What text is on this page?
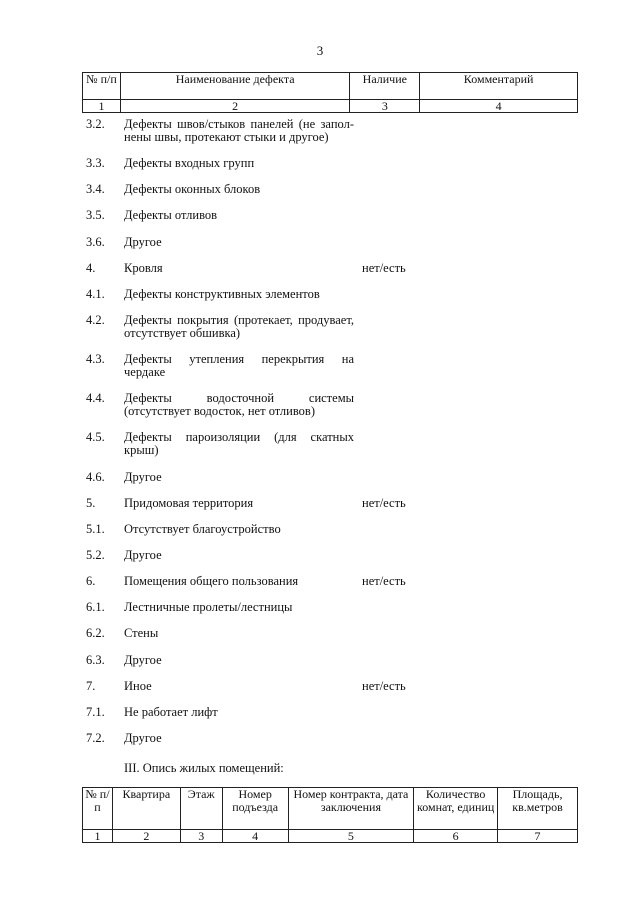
3
№ п/п	Наименование дефекта	Наличие	Комментарий
1	2	3	4
3.2.	Дефекты швов/стыков панелей (не запол-нены швы, протекают стыки и другое)
3.3.	Дефекты входных групп
3.4.	Дефекты оконных блоков
3.5.	Дефекты отливов
3.6.	Другое
4.	Кровля	нет/есть
4.1.	Дефекты конструктивных элементов
4.2.	Дефекты покрытия (протекает, продувает, отсутствует обшивка)
4.3.	Дефекты утепления перекрытия на чердаке
4.4.	Дефекты водосточной системы (отсутствует водосток, нет отливов)
4.5.	Дефекты пароизоляции (для скатных крыш)
4.6.	Другое
5.	Придомовая территория	нет/есть
5.1.	Отсутствует благоустройство
5.2.	Другое
6.	Помещения общего пользования	нет/есть
6.1.	Лестничные пролеты/лестницы
6.2.	Стены
6.3.	Другое
7.	Иное	нет/есть
7.1.	Не работает лифт
7.2.	Другое
III. Опись жилых помещений:
№ п/п	Квартира	Этаж	Номер подъезда	Номер контракта, дата заключения	Количество комнат, единиц	Площадь, кв.метров
1	2	3	4	5	6	7
